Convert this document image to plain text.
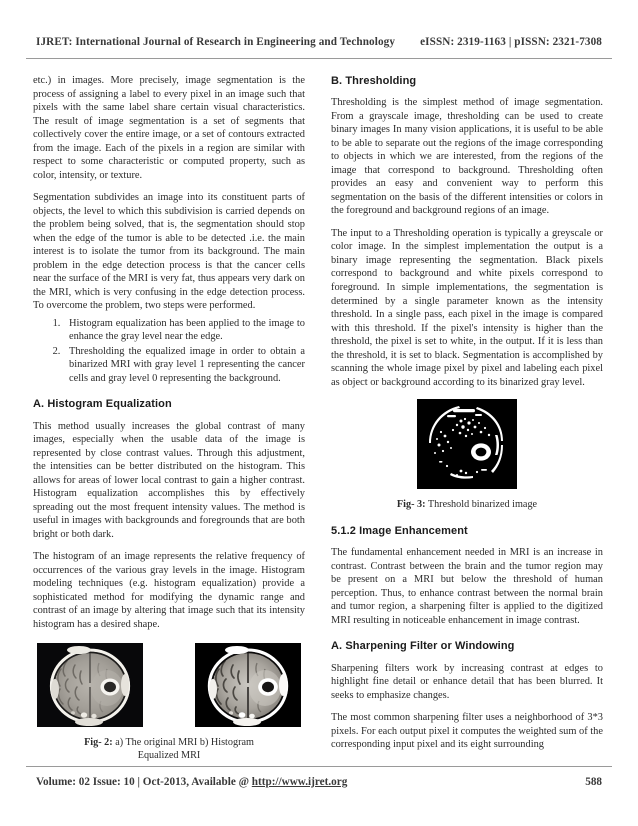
IJRET: International Journal of Research in Engineering and Technology eISSN: 2319-1163 | pISSN: 2321-7308

etc.) in images. More precisely, image segmentation is the process of assigning a label to every pixel in an image such that pixels with the same label share certain visual characteristics. The result of image segmentation is a set of segments that collectively cover the entire image, or a set of contours extracted from the image. Each of the pixels in a region are similar with respect to some characteristic or computed property, such as color, intensity, or texture.

Segmentation subdivides an image into its constituent parts of objects, the level to which this subdivision is carried depends on the problem being solved, that is, the segmentation should stop when the edge of the tumor is able to be detected .i.e. the main interest is to isolate the tumor from its background. The main problem in the edge detection process is that the cancer cells near the surface of the MRI is very fat, thus appears very dark on the MRI, which is very confusing in the edge detection process. To overcome the problem, two steps were performed.

1. Histogram equalization has been applied to the image to enhance the gray level near the edge.
2. Thresholding the equalized image in order to obtain a binarized MRI with gray level 1 representing the cancer cells and gray level 0 representing the background.
A. Histogram Equalization

This method usually increases the global contrast of many images, especially when the usable data of the image is represented by close contrast values. Through this adjustment, the intensities can be better distributed on the histogram. This allows for areas of lower local contrast to gain a higher contrast. Histogram equalization accomplishes this by effectively spreading out the most frequent intensity values. The method is useful in images with backgrounds and foregrounds that are both bright or both dark.

The histogram of an image represents the relative frequency of occurrences of the various gray levels in the image. Histogram modeling techniques (e.g. histogram equalization) provide a sophisticated method for modifying the dynamic range and contrast of an image by altering that image such that its intensity histogram has a desired shape.

Fig- 2: a) The original MRI b) Histogram
Equalized MRI
B. Thresholding

Thresholding is the simplest method of image segmentation. From a grayscale image, thresholding can be used to create binary images In many vision applications, it is useful to be able to be able to separate out the regions of the image corresponding to objects in which we are interested, from the regions of the image that correspond to background. Thresholding often provides an easy and convenient way to perform this segmentation on the basis of the different intensities or colors in the foreground and background regions of an image.

The input to a Thresholding operation is typically a greyscale or color image. In the simplest implementation the output is a binary image representing the segmentation. Black pixels correspond to background and white pixels correspond to foreground. In simple implementations, the segmentation is determined by a single parameter known as the intensity threshold. In a single pass, each pixel in the image is compared with this threshold. If the pixel's intensity is higher than the threshold, the pixel is set to white, in the output. If it is less than the threshold, it is set to black. Segmentation is accomplished by scanning the whole image pixel by pixel and labeling each pixel as object or background according to its binarized gray level.

Fig- 3: Threshold binarized image
5.1.2 Image Enhancement

The fundamental enhancement needed in MRI is an increase in contrast. Contrast between the brain and the tumor region may be present on a MRI but below the threshold of human perception. Thus, to enhance contrast between the normal brain and tumor region, a sharpening filter is applied to the digitized MRI resulting in noticeable enhancement in image contrast.

A. Sharpening Filter or Windowing

Sharpening filters work by increasing contrast at edges to highlight fine detail or enhance detail that has been blurred. It seeks to emphasize changes.

The most common sharpening filter uses a neighborhood of 3*3 pixels. For each output pixel it computes the weighted sum of the corresponding input pixel and its eight surrounding

Volume: 02 Issue: 10 | Oct-2013, Available @ http://www.ijret.org	588
